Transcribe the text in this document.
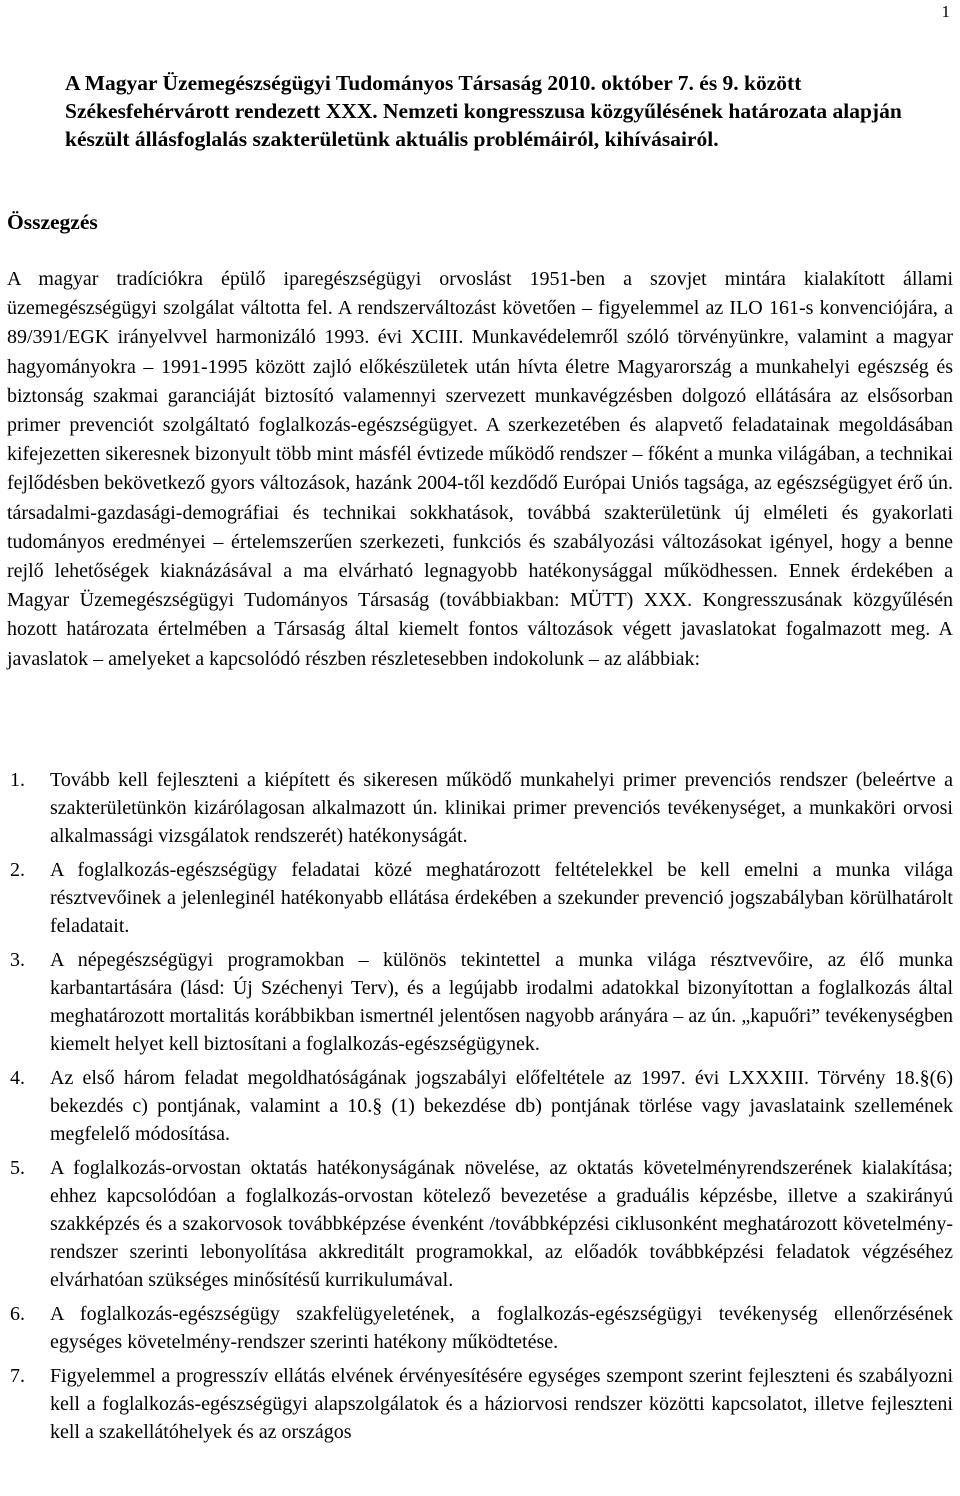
1
A Magyar Üzemegészségügyi Tudományos Társaság 2010. október 7. és 9. között Székesfehérvárott rendezett XXX. Nemzeti kongresszusa közgyűlésének határozata alapján készült állásfoglalás szakterületünk aktuális problémáiról, kihívásairól.
Összegzés

A magyar tradíciókra épülő iparegészségügyi orvoslást 1951-ben a szovjet mintára kialakított állami üzemegészségügyi szolgálat váltotta fel. A rendszerváltozást követően – figyelemmel az ILO 161-s konvenciójára, a 89/391/EGK irányelvvel harmonizáló 1993. évi XCIII. Munkavédelemről szóló törvényünkre, valamint a magyar hagyományokra – 1991-1995 között zajló előkészületek után hívta életre Magyarország a munkahelyi egészség és biztonság szakmai garanciáját biztosító valamennyi szervezett munkavégzésben dolgozó ellátására az elsősorban primer prevenciót szolgáltató foglalkozás-egészségügyet. A szerkezetében és alapvető feladatainak megoldásában kifejezetten sikeresnek bizonyult több mint másfél évtizede működő rendszer – főként a munka világában, a technikai fejlődésben bekövetkező gyors változások, hazánk 2004-től kezdődő Európai Uniós tagsága, az egészségügyet érő ún. társadalmi-gazdasági-demográfiai és technikai sokkhatások, továbbá szakterületünk új elméleti és gyakorlati tudományos eredményei – értelemszerűen szerkezeti, funkciós és szabályozási változásokat igényel, hogy a benne rejlő lehetőségek kiaknázásával a ma elvárható legnagyobb hatékonysággal működhessen. Ennek érdekében a Magyar Üzemegészségügyi Tudományos Társaság (továbbiakban: MÜTT) XXX. Kongresszusának közgyűlésén hozott határozata értelmében a Társaság által kiemelt fontos változások végett javaslatokat fogalmazott meg. A javaslatok – amelyeket a kapcsolódó részben részletesebben indokolunk – az alábbiak:

1. Tovább kell fejleszteni a kiépített és sikeresen működő munkahelyi primer prevenciós rendszer (beleértve a szakterületünkön kizárólagosan alkalmazott ún. klinikai primer prevenciós tevékenységet, a munkaköri orvosi alkalmassági vizsgálatok rendszerét) hatékonyságát.
2. A foglalkozás-egészségügy feladatai közé meghatározott feltételekkel be kell emelni a munka világa résztvevőinek a jelenleginél hatékonyabb ellátása érdekében a szekunder prevenció jogszabályban körülhatárolt feladatait.
3. A népegészségügyi programokban – különös tekintettel a munka világa résztvevőire, az élő munka karbantartására (lásd: Új Széchenyi Terv), és a legújabb irodalmi adatokkal bizonyítottan a foglalkozás által meghatározott mortalitás korábbikban ismertnél jelentősen nagyobb arányára – az ún. „kapuőri” tevékenységben kiemelt helyet kell biztosítani a foglalkozás-egészségügynek.
4. Az első három feladat megoldhatóságának jogszabályi előfeltétele az 1997. évi LXXXIII. Törvény 18.§(6) bekezdés c) pontjának, valamint a 10.§ (1) bekezdése db) pontjának törlése vagy javaslataink szellemének megfelelő módosítása.
5. A foglalkozás-orvostan oktatás hatékonyságának növelése, az oktatás követelményrendszerének kialakítása; ehhez kapcsolódóan a foglalkozás-orvostan kötelező bevezetése a graduális képzésbe, illetve a szakirányú szakképzés és a szakorvosok továbbképzése évenként /továbbképzési ciklusonként meghatározott követelmény-rendszer szerinti lebonyolítása akkreditált programokkal, az előadók továbbképzési feladatok végzéséhez elvárhatóan szükséges minősítésű kurrikulumával.
6. A foglalkozás-egészségügy szakfelügyeletének, a foglalkozás-egészségügyi tevékenység ellenőrzésének egységes követelmény-rendszer szerinti hatékony működtetése.
7. Figyelemmel a progresszív ellátás elvének érvényesítésére egységes szempont szerint fejleszteni és szabályozni kell a foglalkozás-egészségügyi alapszolgálatok és a háziorvosi rendszer közötti kapcsolatot, illetve fejleszteni kell a szakellátóhelyek és az országos
